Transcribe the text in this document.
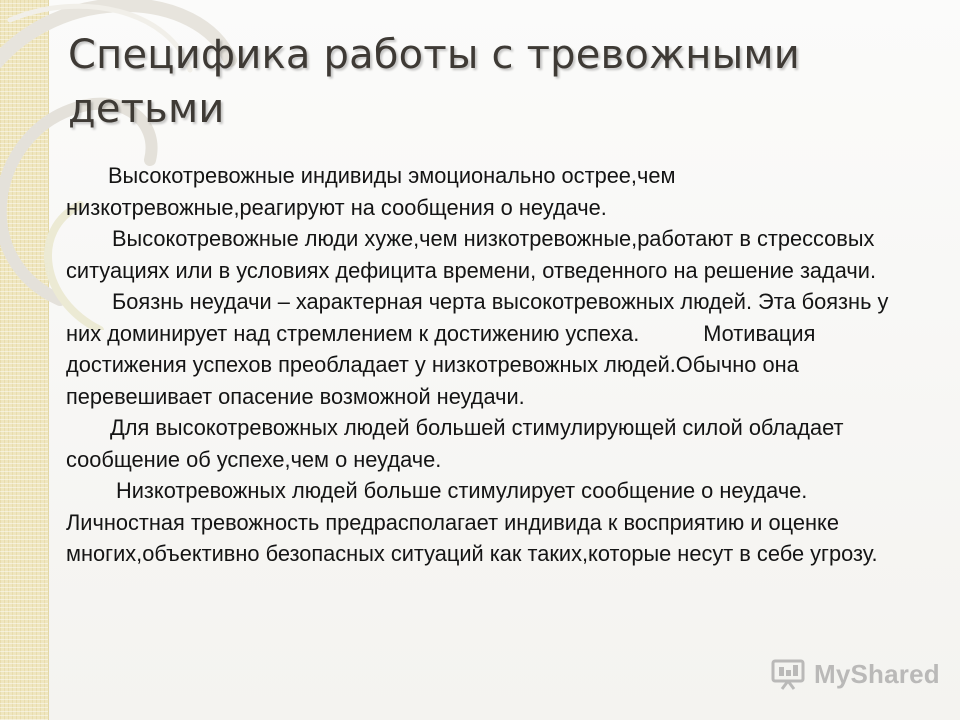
Специфика работы с тревожными детьми

Высокотревожные индивиды эмоционально острее,чем низкотревожные,реагируют на сообщения о неудаче.

Высокотревожные люди хуже,чем низкотревожные,работают в стрессовых ситуациях или в условиях дефицита времени, отведенного на решение задачи.

Боязнь неудачи – характерная черта высокотревожных людей. Эта боязнь у них доминирует над стремлением к достижению успеха.	Мотивация достижения успехов преобладает у низкотревожных людей.Обычно она перевешивает опасение возможной неудачи.

Для высокотревожных людей большей стимулирующей силой обладает сообщение об успехе,чем о неудаче.

Низкотревожных людей больше стимулирует сообщение о неудаче.Личностная тревожность предрасполагает индивида к восприятию и оценке многих,объективно безопасных ситуаций как таких,которые несут в себе угрозу.

MyShared
